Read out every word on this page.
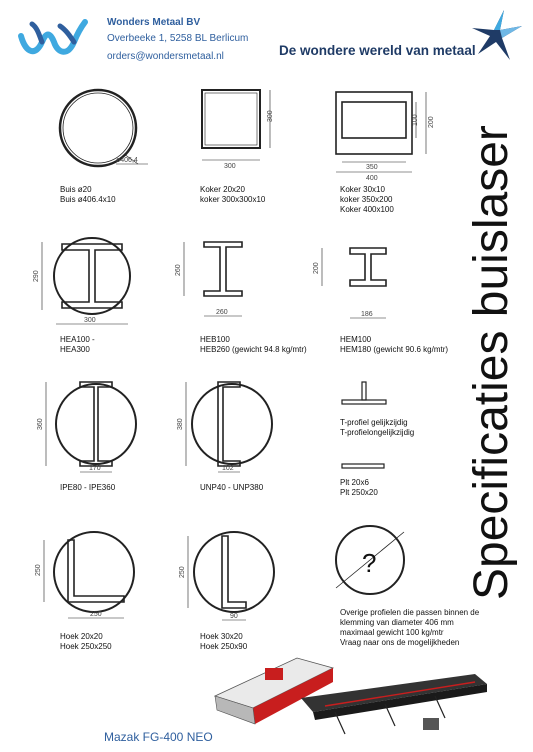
Wonders Metaal BV
Overbeeke 1, 5258 BL Berlicum
orders@wondersmetaal.nl	De wondere wereld van metaal
Specificaties buislaser
ø406,4
Buis ø20
Buis ø406.4x10
300
300
Koker 20x20
koker 300x300x10
100 200
350
400
Koker 30x10
koker 350x200
Koker 400x100
290
300
HEA100 -
HEA300
260
260
HEB100
HEB260 (gewicht 94.8 kg/mtr)
200
186
HEM100
HEM180 (gewicht 90.6 kg/mtr)
360
170
IPE80 - IPE360
380
102
UNP40 - UNP380
T-profiel gelijkzijdig
T-profielongelijkzijdig
Plt 20x6
Plt 250x20
250
250
Hoek 20x20
Hoek 250x250
250
90
Hoek 30x20
Hoek 250x90
?
Overige profielen die passen binnen de
klemming van diameter 406 mm
maximaal gewicht 100 kg/mtr
Vraag naar ons de mogelijkheden
Mazak FG-400 NEO
